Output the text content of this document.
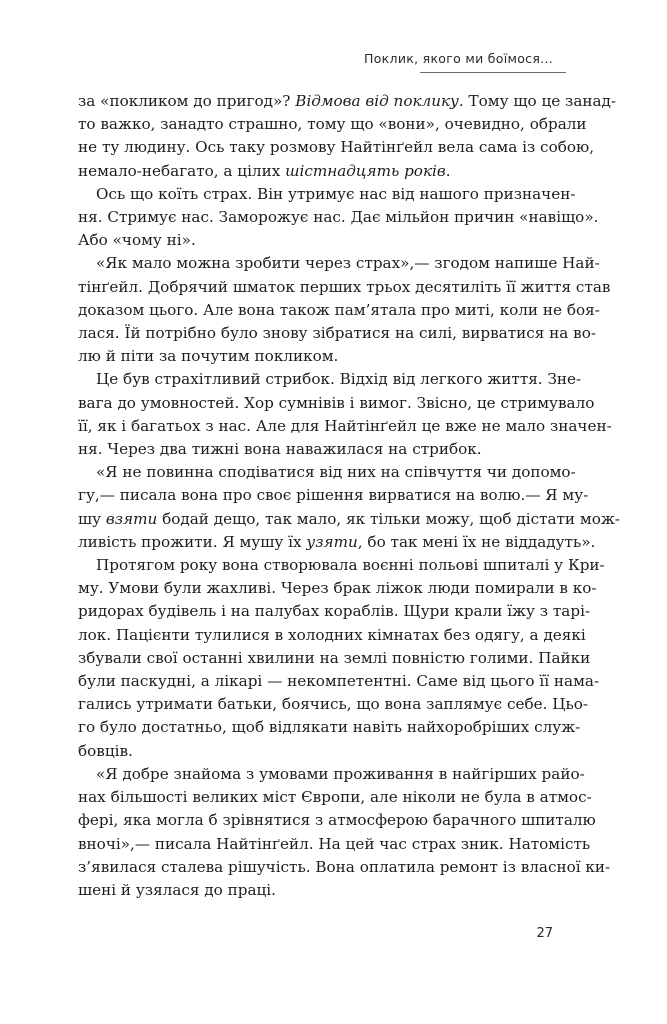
Поклик, якого ми боїмося...
за «покликом до пригод»? Відмова від поклику. Тому що це занад-
то важко, занадто страшно, тому що «вони», очевидно, обрали
не ту людину. Ось таку розмову Найтінґейл вела сама із собою,
немало-небагато, а цілих шістнадцять років.
Ось що коїть страх. Він утримує нас від нашого призначен-
ня. Стримує нас. Заморожує нас. Дає мільйон причин «навіщо».
Або «чому ні».
«Як мало можна зробити через страх»,— згодом напише Най-
тінґейл. Добрячий шматок перших трьох десятиліть її життя став
доказом цього. Але вона також пам’ятала про миті, коли не боя-
лася. Їй потрібно було знову зібратися на силі, вирватися на во-
лю й піти за почутим покликом.
Це був страхітливий стрибок. Відхід від легкого життя. Зне-
вага до умовностей. Хор сумнівів і вимог. Звісно, це стримувало
її, як і багатьох з нас. Але для Найтінґейл це вже не мало значен-
ня. Через два тижні вона наважилася на стрибок.
«Я не повинна сподіватися від них на співчуття чи допомо-
гу,— писала вона про своє рішення вирватися на волю.— Я му-
шу взяти бодай дещо, так мало, як тільки можу, щоб дістати мож-
ливість прожити. Я мушу їх узяти, бо так мені їх не віддадуть».
Протягом року вона створювала воєнні польові шпиталі у Кри-
му. Умови були жахливі. Через брак ліжок люди помирали в ко-
ридорах будівель і на палубах кораблів. Щури крали їжу з тарі-
лок. Пацієнти тулилися в холодних кімнатах без одягу, а деякі
збували свої останні хвилини на землі повністю голими. Пайки
були паскудні, а лікарі — некомпетентні. Саме від цього її нама-
гались утримати батьки, боячись, що вона заплямує себе. Цьо-
го було достатньо, щоб відлякати навіть найхоробріших служ-
бовців.
«Я добре знайома з умовами проживання в найгірших райо-
нах більшості великих міст Європи, але ніколи не була в атмос-
фері, яка могла б зрівнятися з атмосферою барачного шпиталю
вночі»,— писала Найтінґейл. На цей час страх зник. Натомість
з’явилася сталева рішучість. Вона оплатила ремонт із власної ки-
шені й узялася до праці.
27
